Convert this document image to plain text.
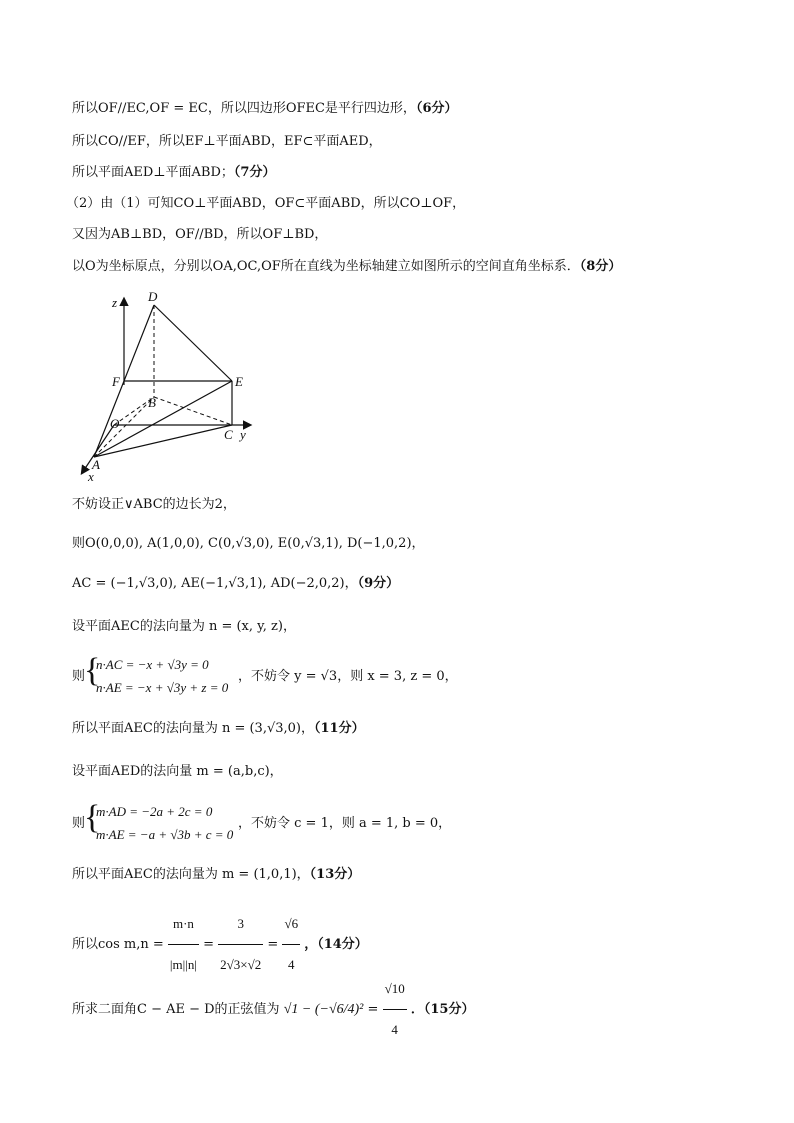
所以OF//EC,OF = EC，所以四边形OFEC是平行四边形，（6分）
所以CO//EF，所以EF⊥平面ABD，EF⊂平面AED，
所以平面AED⊥平面ABD；（7分）
（2）由（1）可知CO⊥平面ABD，OF⊂平面ABD，所以CO⊥OF，
又因为AB⊥BD，OF//BD，所以OF⊥BD，
以O为坐标原点，分别以OA,OC,OF所在直线为坐标轴建立如图所示的空间直角坐标系．（8分）
z D
F	E
B
O
C y
A
x
不妨设正∨ABC的边长为2，
则O(0,0,0), A(1,0,0), C(0,√3,0), E(0,√3,1), D(−1,0,2)，
AC = (−1,√3,0), AE(−1,√3,1), AD(−2,0,2)，（9分）
设平面AEC的法向量为 n = (x, y, z)，
则
{
n·AC = −x + √3y = 0
n·AE = −x + √3y + z = 0
，不妨令 y = √3，则 x = 3, z = 0，
所以平面AEC的法向量为 n = (3,√3,0)，（11分）
设平面AED的法向量 m = (a,b,c)，
则
{
m·AD = −2a + 2c = 0
m·AE = −a + √3b + c = 0
，不妨令 c = 1，则 a = 1, b = 0，
所以平面AEC的法向量为 m = (1,0,1)，（13分）
所以$\cos m,n = \frac{m\cdot n}{|m||n|} = \frac{3}{2√3\times√2} = \frac{√6}{4}$ ，（14分）
所求二面角C − AE − D的正弦值为 $√1 - (-√6/4)^2 = \frac{√10}{4}$ ．（15分）
